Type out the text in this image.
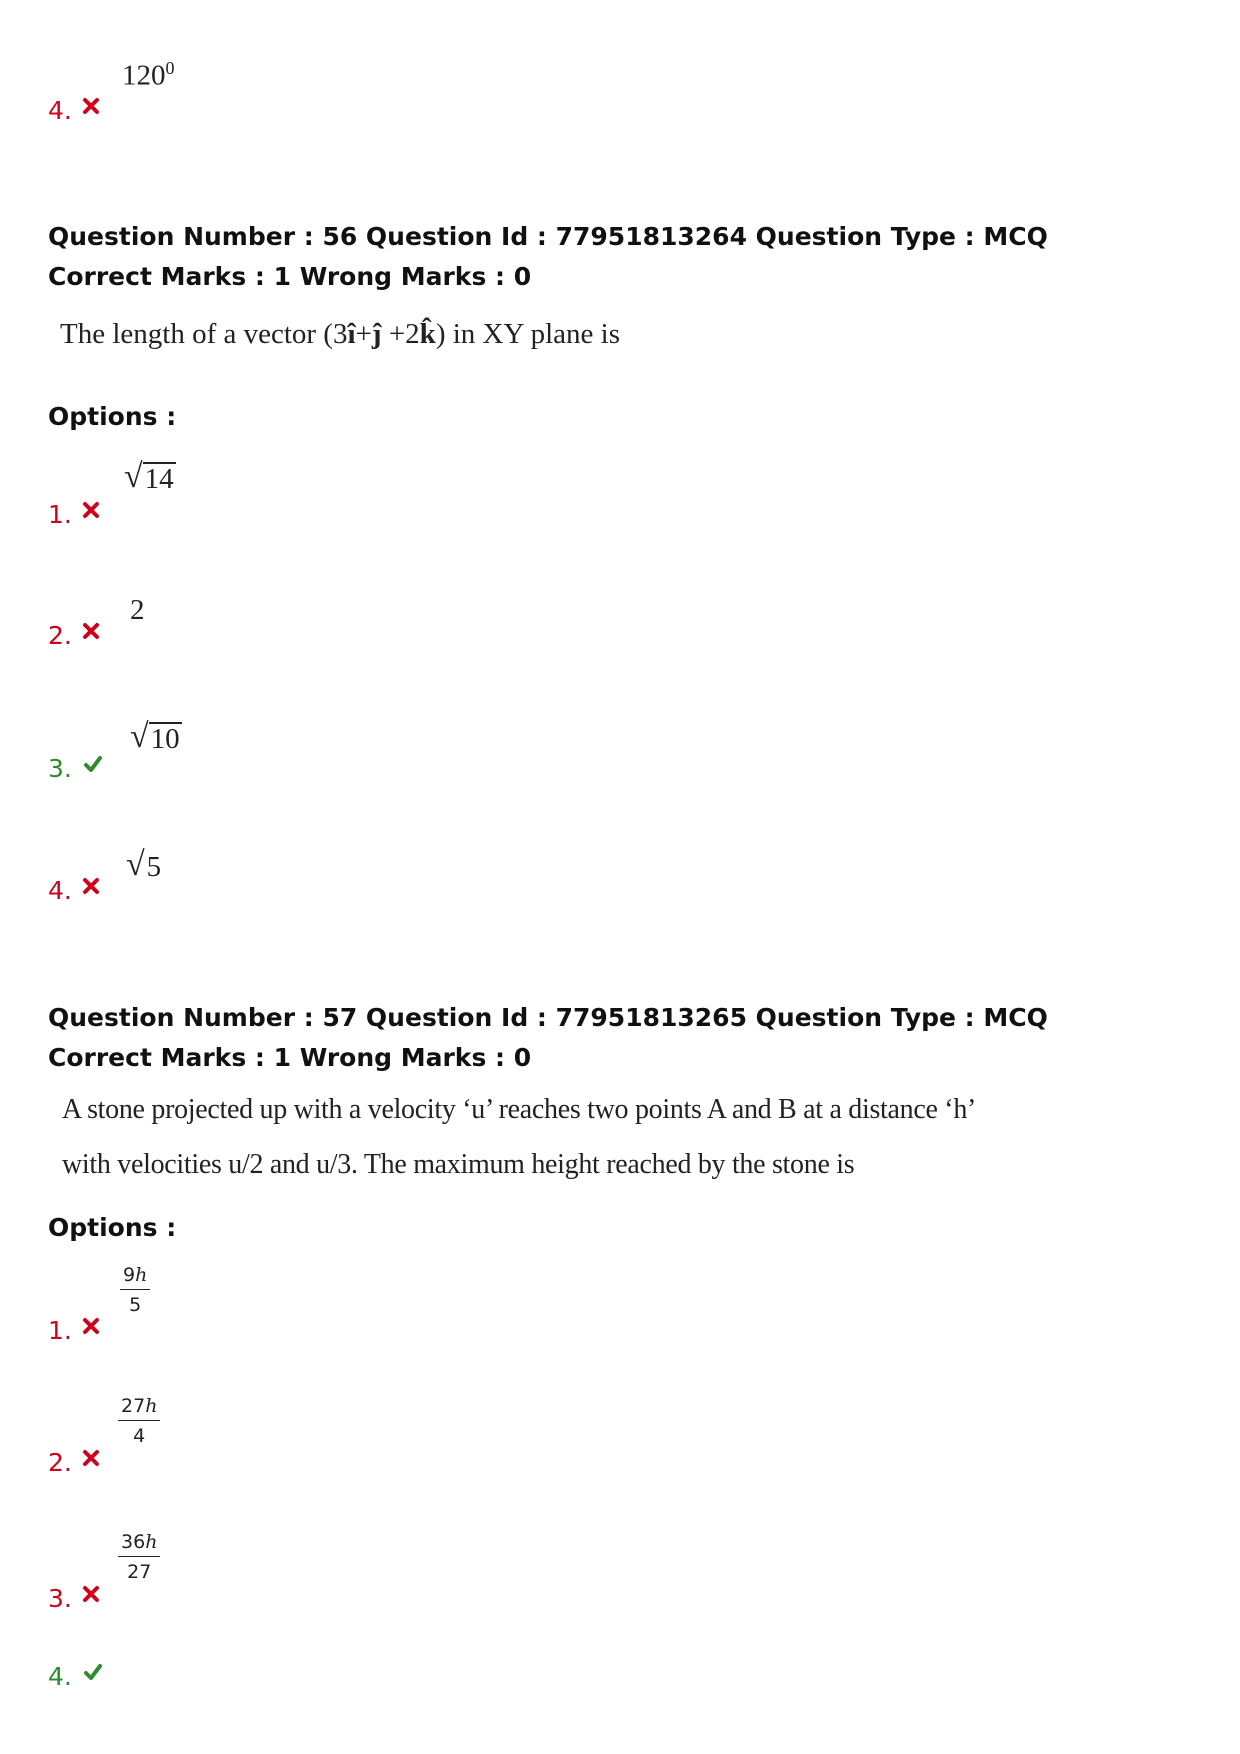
$120^0$
4.
Question Number : 56 Question Id : 77951813264 Question Type : MCQ
Correct Marks : 1 Wrong Marks : 0
The length of a vector (3î+ĵ +2k̂) in XY plane is
Options :
√ 14
1.
2
2.
√ 10
3.
√ 5
4.
Question Number : 57 Question Id : 77951813265 Question Type : MCQ
Correct Marks : 1 Wrong Marks : 0
A stone projected up with a velocity ‘u’ reaches two points A and B at a distance ‘h’
with velocities u/2 and u/3. The maximum height reached by the stone is
Options :
$\frac{9h}{5}$
1.
$\frac{27h}{4}$
2.
$\frac{36h}{27}$
3.
4.
